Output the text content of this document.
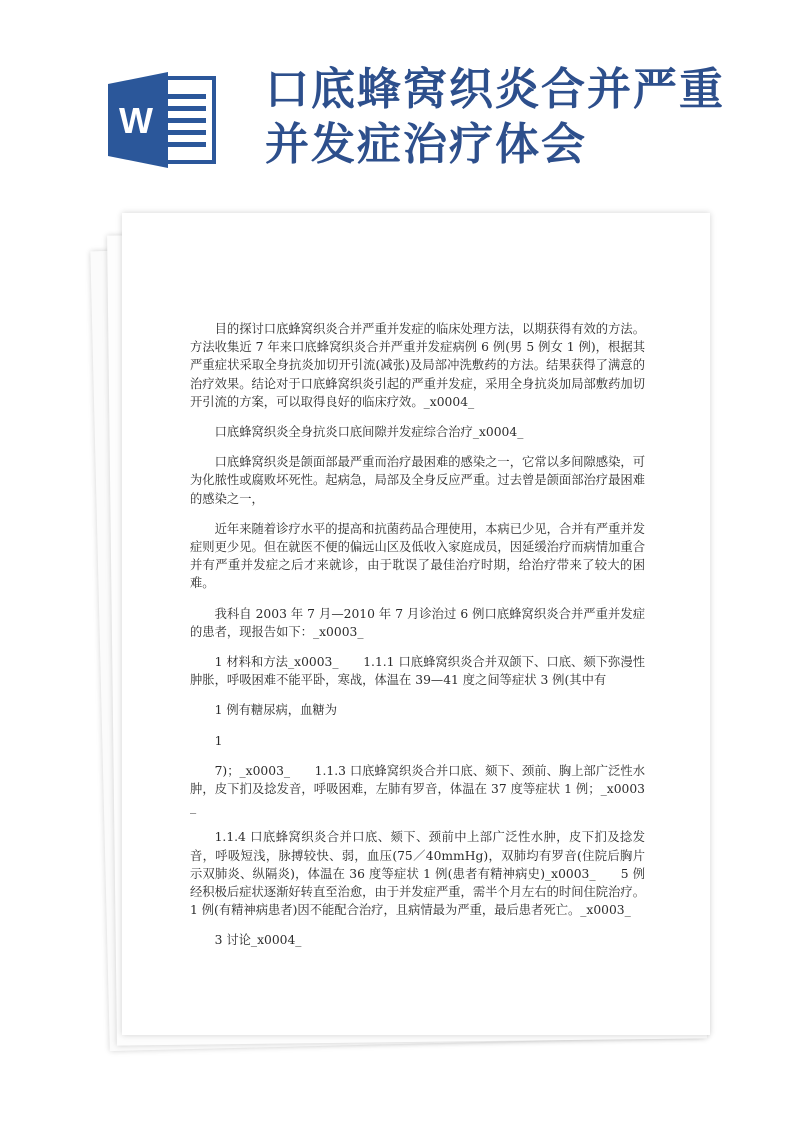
W
口底蜂窝织炎合并严重
并发症治疗体会

目的探讨口底蜂窝织炎合并严重并发症的临床处理方法，以期获得有效的方法。方法收集近 7 年来口底蜂窝织炎合并严重并发症病例 6 例(男 5 例女 1 例)，根据其严重症状采取全身抗炎加切开引流(减张)及局部冲洗敷药的方法。结果获得了满意的治疗效果。结论对于口底蜂窝织炎引起的严重并发症，采用全身抗炎加局部敷药加切开引流的方案，可以取得良好的临床疗效。_x0004_

口底蜂窝织炎全身抗炎口底间隙并发症综合治疗_x0004_

口底蜂窝织炎是颌面部最严重而治疗最困难的感染之一，它常以多间隙感染，可为化脓性或腐败坏死性。起病急，局部及全身反应严重。过去曾是颌面部治疗最困难的感染之一，

近年来随着诊疗水平的提高和抗菌药品合理使用，本病已少见，合并有严重并发症则更少见。但在就医不便的偏远山区及低收入家庭成员，因延缓治疗而病情加重合并有严重并发症之后才来就诊，由于耽误了最佳治疗时期，给治疗带来了较大的困难。

我科自 2003 年 7 月—2010 年 7 月诊治过 6 例口底蜂窝织炎合并严重并发症的患者，现报告如下：_x0003_

1 材料和方法_x0003_　　1.1.1 口底蜂窝织炎合并双颌下、口底、颏下弥漫性肿胀，呼吸困难不能平卧，寒战，体温在 39—41 度之间等症状 3 例(其中有

1 例有糖尿病，血糖为

1

7)；_x0003_　　1.1.3 口底蜂窝织炎合并口底、颏下、颈前、胸上部广泛性水肿，皮下扪及捻发音，呼吸困难，左肺有罗音，体温在 37 度等症状 1 例；_x0003_

1.1.4 口底蜂窝织炎合并口底、颏下、颈前中上部广泛性水肿，皮下扪及捻发音，呼吸短浅，脉搏较快、弱，血压(75／40mmHg)，双肺均有罗音(住院后胸片示双肺炎、纵隔炎)，体温在 36 度等症状 1 例(患者有精神病史)_x0003_　　5 例经积极后症状逐渐好转直至治愈，由于并发症严重，需半个月左右的时间住院治疗。1 例(有精神病患者)因不能配合治疗，且病情最为严重，最后患者死亡。_x0003_

3 讨论_x0004_
